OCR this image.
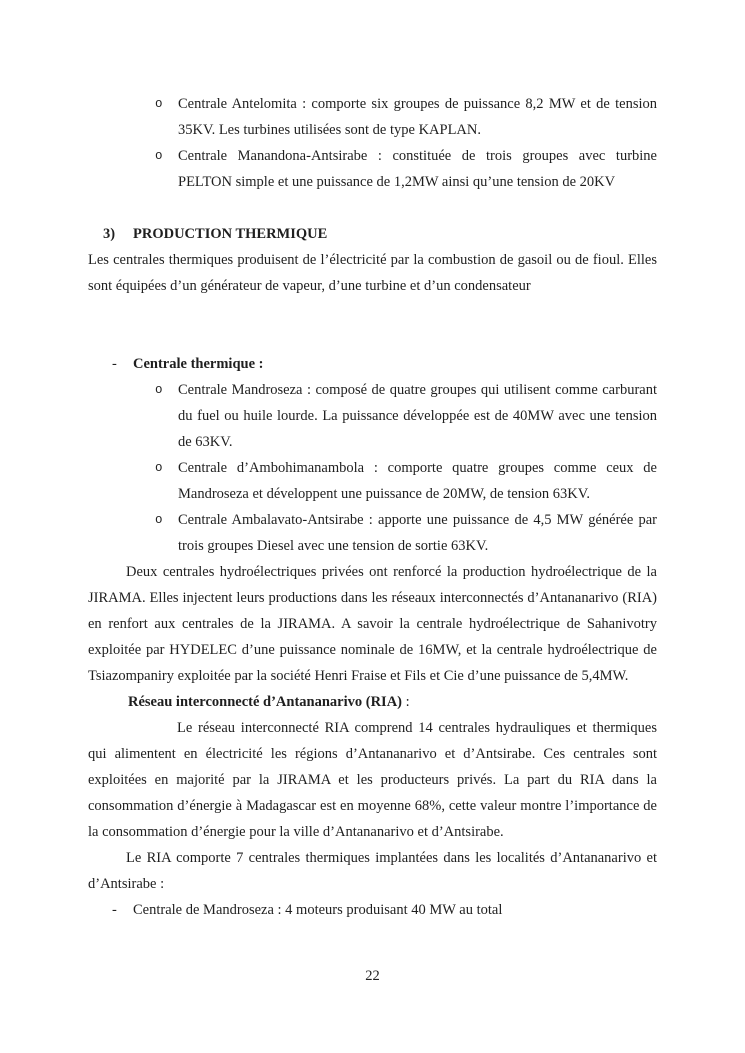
o Centrale Antelomita : comporte six groupes de puissance 8,2 MW et de tension 35KV. Les turbines utilisées sont de type KAPLAN.
o Centrale Manandona-Antsirabe : constituée de trois groupes avec turbine PELTON simple et une puissance de 1,2MW ainsi qu’une tension de 20KV
3) PRODUCTION THERMIQUE

Les centrales thermiques produisent de l’électricité par la combustion de gasoil ou de fioul. Elles sont équipées d’un générateur de vapeur, d’une turbine et d’un condensateur

- Centrale thermique :
o Centrale Mandroseza : composé de quatre groupes qui utilisent comme carburant du fuel ou huile lourde. La puissance développée est de 40MW avec une tension de 63KV.
o Centrale d’Ambohimanambola : comporte quatre groupes comme ceux de Mandroseza et développent une puissance de 20MW, de tension 63KV.
o Centrale Ambalavato-Antsirabe : apporte une puissance de 4,5 MW générée par trois groupes Diesel avec une tension de sortie 63KV.

Deux centrales hydroélectriques privées ont renforcé la production hydroélectrique de la JIRAMA. Elles injectent leurs productions dans les réseaux interconnectés d’Antananarivo (RIA) en renfort aux centrales de la JIRAMA. A savoir la centrale hydroélectrique de Sahanivotry exploitée par HYDELEC d’une puissance nominale de 16MW, et la centrale hydroélectrique de Tsiazompaniry exploitée par la société Henri Fraise et Fils et Cie d’une puissance de 5,4MW.

Réseau interconnecté d’Antananarivo (RIA) :

Le réseau interconnecté RIA comprend 14 centrales hydrauliques et thermiques qui alimentent en électricité les régions d’Antananarivo et d’Antsirabe. Ces centrales sont exploitées en majorité par la JIRAMA et les producteurs privés. La part du RIA dans la consommation d’énergie à Madagascar est en moyenne 68%, cette valeur montre l’importance de la consommation d’énergie pour la ville d’Antananarivo et d’Antsirabe.

Le RIA comporte 7 centrales thermiques implantées dans les localités d’Antananarivo et d’Antsirabe :

- Centrale de Mandroseza : 4 moteurs produisant 40 MW au total
22
